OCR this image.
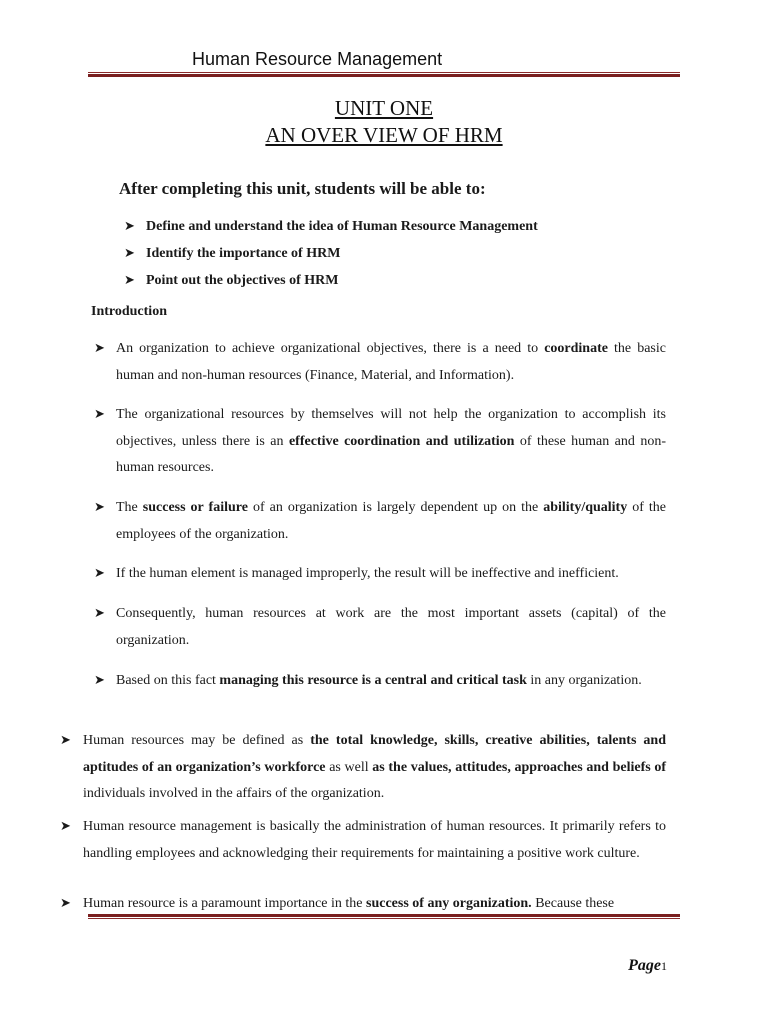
Human Resource Management
UNIT ONE
AN OVER VIEW OF HRM
After completing this unit, students will be able to:
➤ Define and understand the idea of Human Resource Management
➤ Identify the importance of HRM
➤ Point out the objectives of HRM
Introduction
➤ An organization to achieve organizational objectives, there is a need to coordinate the basic human and non-human resources (Finance, Material, and Information).
➤ The organizational resources by themselves will not help the organization to accomplish its objectives, unless there is an effective coordination and utilization of these human and non-human resources.
➤ The success or failure of an organization is largely dependent up on the ability/quality of the employees of the organization.
➤ If the human element is managed improperly, the result will be ineffective and inefficient.
➤ Consequently, human resources at work are the most important assets (capital) of the organization.
➤ Based on this fact managing this resource is a central and critical task in any organization.
➤ Human resources may be defined as the total knowledge, skills, creative abilities, talents and aptitudes of an organization’s workforce as well as the values, attitudes, approaches and beliefs of individuals involved in the affairs of the organization.
➤ Human resource management is basically the administration of human resources. It primarily refers to handling employees and acknowledging their requirements for maintaining a positive work culture.
➤ Human resource is a paramount importance in the success of any organization. Because these
Page1
